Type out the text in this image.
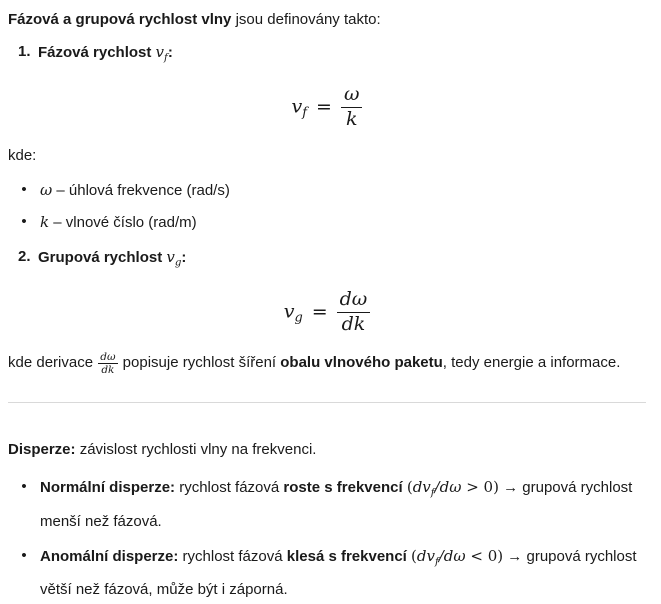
Fázová a grupová rychlost vlny jsou definovány takto:

1. Fázová rychlost $v_f$:
$v_f = \frac{\omega}{k}$

kde:

• ω – úhlová frekvence (rad/s)
• k – vlnové číslo (rad/m)
2. Grupová rychlost $v_g$:
$v_g = \frac{d\omega}{dk}$

kde derivace $\frac{d\omega}{dk}$ popisuje rychlost šíření obalu vlnového paketu, tedy energie a informace.

Disperze: závislost rychlosti vlny na frekvenci.

• Normální disperze: rychlost fázová roste s frekvencí $(dv_f/d\omega > 0)$ → grupová rychlost menší než fázová.
• Anomální disperze: rychlost fázová klesá s frekvencí $(dv_f/d\omega < 0)$ → grupová rychlost větší než fázová, může být i záporná.
